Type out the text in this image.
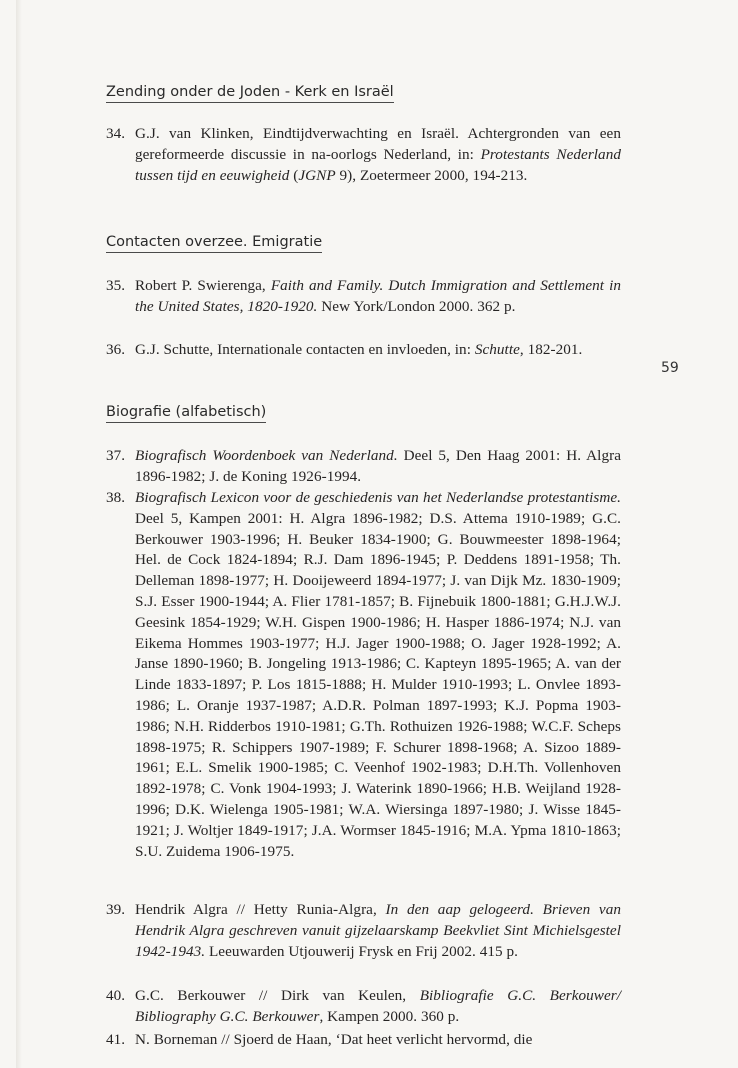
Zending onder de Joden - Kerk en Israël
34. G.J. van Klinken, Eindtijdverwachting en Israël. Achtergronden van een gereformeerde discussie in na-oorlogs Nederland, in: Protestants Nederland tussen tijd en eeuwigheid (JGNP 9), Zoetermeer 2000, 194-213.
Contacten overzee. Emigratie
35. Robert P. Swierenga, Faith and Family. Dutch Immigration and Settlement in the United States, 1820-1920. New York/London 2000. 362 p.
36. G.J. Schutte, Internationale contacten en invloeden, in: Schutte, 182-201.
59
Biografie (alfabetisch)
37. Biografisch Woordenboek van Nederland. Deel 5, Den Haag 2001: H. Algra 1896-1982; J. de Koning 1926-1994.
38. Biografisch Lexicon voor de geschiedenis van het Nederlandse protestantisme. Deel 5, Kampen 2001: H. Algra 1896-1982; D.S. Attema 1910-1989; G.C. Berkouwer 1903-1996; H. Beuker 1834-1900; G. Bouwmeester 1898-1964; Hel. de Cock 1824-1894; R.J. Dam 1896-1945; P. Deddens 1891-1958; Th. Delleman 1898-1977; H. Dooijeweerd 1894-1977; J. van Dijk Mz. 1830-1909; S.J. Esser 1900-1944; A. Flier 1781-1857; B. Fijnebuik 1800-1881; G.H.J.W.J. Geesink 1854-1929; W.H. Gispen 1900-1986; H. Hasper 1886-1974; N.J. van Eikema Hommes 1903-1977; H.J. Jager 1900-1988; O. Jager 1928-1992; A. Janse 1890-1960; B. Jongeling 1913-1986; C. Kapteyn 1895-1965; A. van der Linde 1833-1897; P. Los 1815-1888; H. Mulder 1910-1993; L. Onvlee 1893-1986; L. Oranje 1937-1987; A.D.R. Polman 1897-1993; K.J. Popma 1903-1986; N.H. Ridderbos 1910-1981; G.Th. Rothuizen 1926-1988; W.C.F. Scheps 1898-1975; R. Schippers 1907-1989; F. Schurer 1898-1968; A. Sizoo 1889-1961; E.L. Smelik 1900-1985; C. Veenhof 1902-1983; D.H.Th. Vollenhoven 1892-1978; C. Vonk 1904-1993; J. Waterink 1890-1966; H.B. Weijland 1928-1996; D.K. Wielenga 1905-1981; W.A. Wiersinga 1897-1980; J. Wisse 1845-1921; J. Woltjer 1849-1917; J.A. Wormser 1845-1916; M.A. Ypma 1810-1863; S.U. Zuidema 1906-1975.
39. Hendrik Algra // Hetty Runia-Algra, In den aap gelogeerd. Brieven van Hendrik Algra geschreven vanuit gijzelaarskamp Beekvliet Sint Michielsgestel 1942-1943. Leeuwarden Utjouwerij Frysk en Frij 2002. 415 p.
40. G.C. Berkouwer // Dirk van Keulen, Bibliografie G.C. Berkouwer/ Bibliography G.C. Berkouwer, Kampen 2000. 360 p.
41. N. Borneman // Sjoerd de Haan, ‘Dat heet verlicht hervormd, die
